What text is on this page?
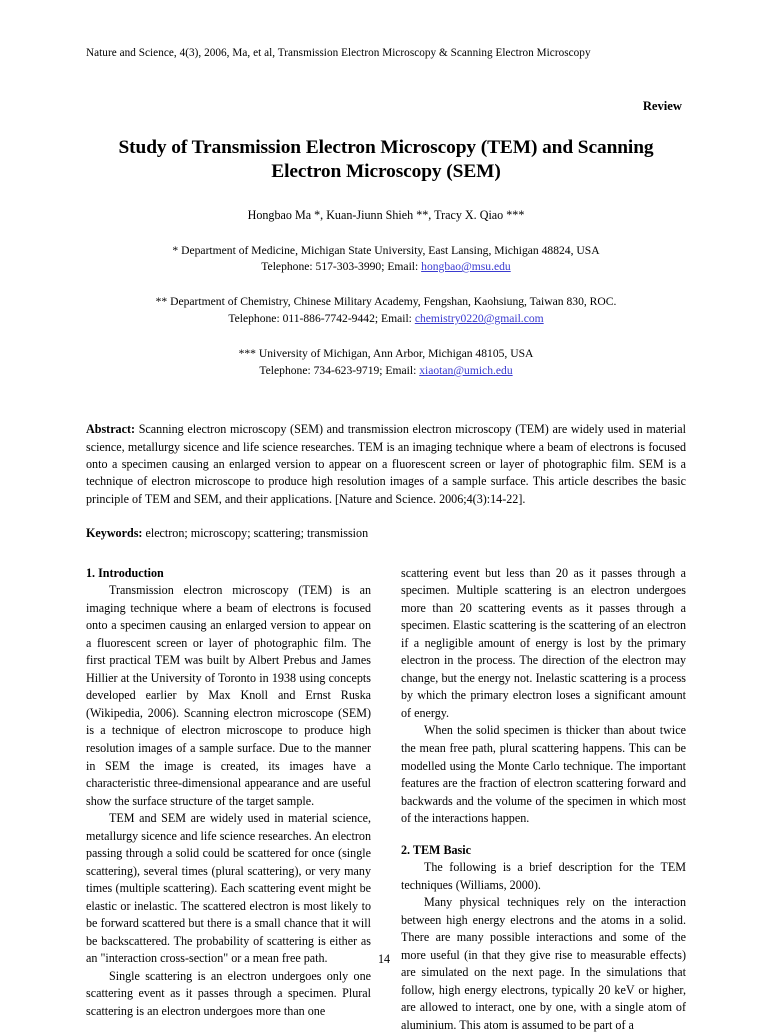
Nature and Science, 4(3), 2006, Ma, et al, Transmission Electron Microscopy & Scanning Electron Microscopy
Review
Study of Transmission Electron Microscopy (TEM) and Scanning Electron Microscopy (SEM)
Hongbao Ma *, Kuan-Jiunn Shieh **, Tracy X. Qiao ***
* Department of Medicine, Michigan State University, East Lansing, Michigan 48824, USA
Telephone: 517-303-3990; Email: hongbao@msu.edu
** Department of Chemistry, Chinese Military Academy, Fengshan, Kaohsiung, Taiwan 830, ROC.
Telephone: 011-886-7742-9442; Email: chemistry0220@gmail.com
*** University of Michigan, Ann Arbor, Michigan 48105, USA
Telephone: 734-623-9719; Email: xiaotan@umich.edu
Abstract: Scanning electron microscopy (SEM) and transmission electron microscopy (TEM) are widely used in material science, metallurgy sicence and life science researches. TEM is an imaging technique where a beam of electrons is focused onto a specimen causing an enlarged version to appear on a fluorescent screen or layer of photographic film. SEM is a technique of electron microscope to produce high resolution images of a sample surface. This article describes the basic principle of TEM and SEM, and their applications. [Nature and Science. 2006;4(3):14-22].
Keywords: electron; microscopy; scattering; transmission
1. Introduction

Transmission electron microscopy (TEM) is an imaging technique where a beam of electrons is focused onto a specimen causing an enlarged version to appear on a fluorescent screen or layer of photographic film. The first practical TEM was built by Albert Prebus and James Hillier at the University of Toronto in 1938 using concepts developed earlier by Max Knoll and Ernst Ruska (Wikipedia, 2006). Scanning electron microscope (SEM) is a technique of electron microscope to produce high resolution images of a sample surface. Due to the manner in SEM the image is created, its images have a characteristic three-dimensional appearance and are useful show the surface structure of the target sample.

TEM and SEM are widely used in material science, metallurgy sicence and life science researches. An electron passing through a solid could be scattered for once (single scattering), several times (plural scattering), or very many times (multiple scattering). Each scattering event might be elastic or inelastic. The scattered electron is most likely to be forward scattered but there is a small chance that it will be backscattered. The probability of scattering is either as an "interaction cross-section" or a mean free path.

Single scattering is an electron undergoes only one scattering event as it passes through a specimen. Plural scattering is an electron undergoes more than one

scattering event but less than 20 as it passes through a specimen. Multiple scattering is an electron undergoes more than 20 scattering events as it passes through a specimen. Elastic scattering is the scattering of an electron if a negligible amount of energy is lost by the primary electron in the process. The direction of the electron may change, but the energy not. Inelastic scattering is a process by which the primary electron loses a significant amount of energy.

When the solid specimen is thicker than about twice the mean free path, plural scattering happens. This can be modelled using the Monte Carlo technique. The important features are the fraction of electron scattering forward and backwards and the volume of the specimen in which most of the interactions happen.

2. TEM Basic

The following is a brief description for the TEM techniques (Williams, 2000).

Many physical techniques rely on the interaction between high energy electrons and the atoms in a solid. There are many possible interactions and some of the more useful (in that they give rise to measurable effects) are simulated on the next page. In the simulations that follow, high energy electrons, typically 20 keV or higher, are allowed to interact, one by one, with a single atom of aluminium. This atom is assumed to be part of a

14
